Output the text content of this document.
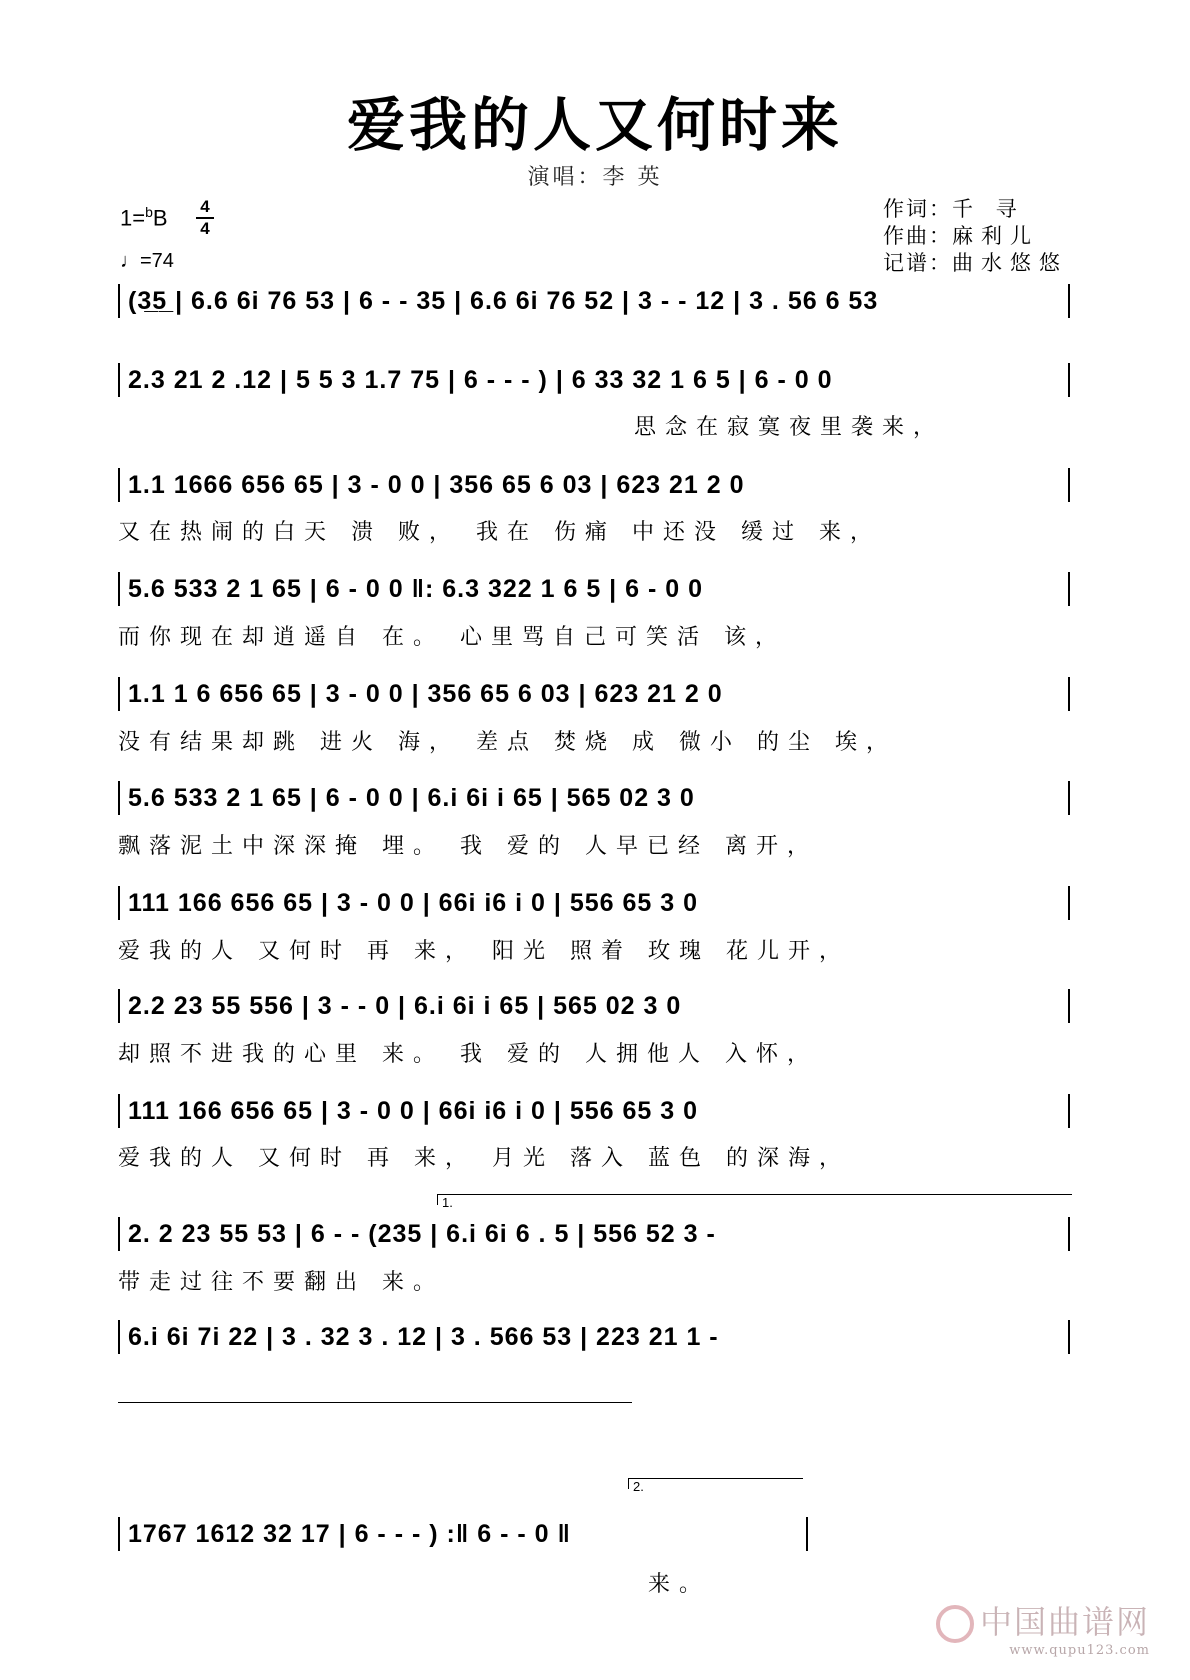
爱我的人又何时来
演唱：李 英
1=$^b$B 4
4
♩=74
作词：千 寻
作曲：麻利儿
记谱：曲水悠悠
(3̲5̲ | 6.6 6i 76 53 | 6 - - 35 | 6.6 6i 76 52 | 3 - - 12 | 3 . 56 6 53
2.3 21 2 .12 | 5 5 3 1.7 75 | 6 - - - ) | 6 33 32 1 6 5 | 6 - 0 0
思念在寂寞夜里袭来，
1.1 1666 656 65 | 3 - 0 0 | 356 65 6 03 | 623 21 2 0
又在热闹的白天 溃 败， 我在 伤痛 中还没 缓过 来，
5.6 533 2 1 65 | 6 - 0 0 ‖: 6.3 322 1 6 5 | 6 - 0 0
而你现在却逍遥自 在。 心里骂自己可笑活 该，
1.1 1 6 656 65 | 3 - 0 0 | 356 65 6 03 | 623 21 2 0
没有结果却跳 进火 海， 差点 焚烧 成 微小 的尘 埃，
5.6 533 2 1 65 | 6 - 0 0 | 6.i 6i i 65 | 565 02 3 0
飘落泥土中深深掩 埋。 我 爱的 人早已经 离开，
111 166 656 65 | 3 - 0 0 | 66i i6 i 0 | 556 65 3 0
爱我的人 又何时 再 来， 阳光 照着 玫瑰 花儿开，
2.2 23 55 556 | 3 - - 0 | 6.i 6i i 65 | 565 02 3 0
却照不进我的心里 来。 我 爱的 人拥他人 入怀，
111 166 656 65 | 3 - 0 0 | 66i i6 i 0 | 556 65 3 0
爱我的人 又何时 再 来， 月光 落入 蓝色 的深海，
1.
2. 2 23 55 53 | 6 - - (235 | 6.i 6i 6 . 5 | 556 52 3 -
带走过往不要翻出 来。
6.i 6i 7i 22 | 3 . 32 3 . 12 | 3 . 566 53 | 223 21 1 -
2.
1767 1612 32 17 | 6 - - - ) :‖ 6 - - 0 ‖
来。
中国曲谱网
www.qupu123.com
